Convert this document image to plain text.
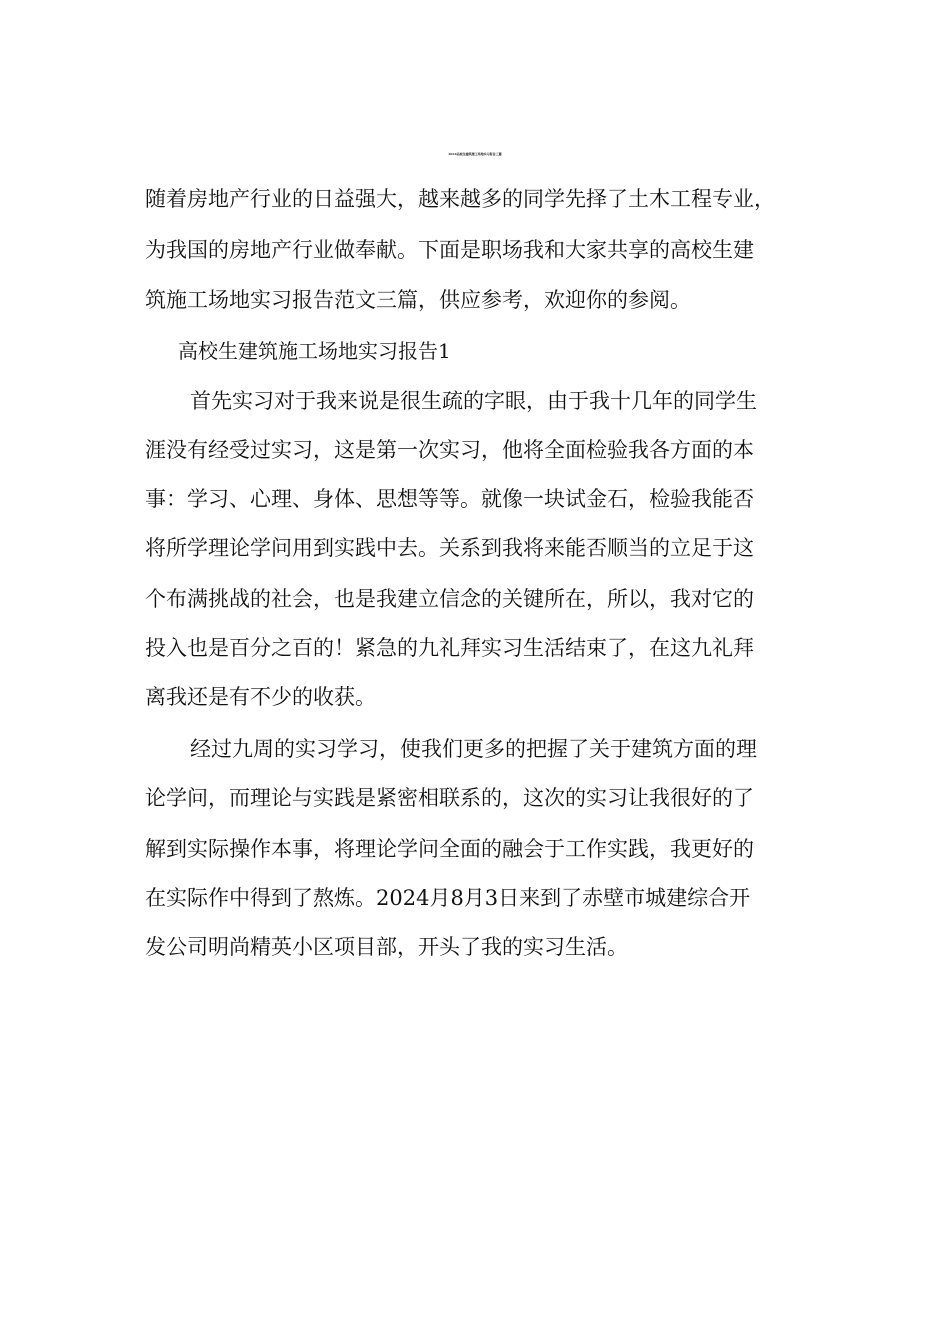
2024高校生建筑施工场地实习报告三篇
随着房地产行业的日益强大，越来越多的同学先择了土木工程专业，
为我国的房地产行业做奉献。下面是职场我和大家共享的高校生建
筑施工场地实习报告范文三篇，供应参考，欢迎你的参阅。
高校生建筑施工场地实习报告1
首先实习对于我来说是很生疏的字眼，由于我十几年的同学生
涯没有经受过实习，这是第一次实习，他将全面检验我各方面的本
事：学习、心理、身体、思想等等。就像一块试金石，检验我能否
将所学理论学问用到实践中去。关系到我将来能否顺当的立足于这
个布满挑战的社会，也是我建立信念的关键所在，所以，我对它的
投入也是百分之百的！紧急的九礼拜实习生活结束了，在这九礼拜
离我还是有不少的收获。
经过九周的实习学习，使我们更多的把握了关于建筑方面的理
论学问，而理论与实践是紧密相联系的，这次的实习让我很好的了
解到实际操作本事，将理论学问全面的融会于工作实践，我更好的
在实际作中得到了熬炼。2024月8月3日来到了赤壁市城建综合开
发公司明尚精英小区项目部，开头了我的实习生活。
